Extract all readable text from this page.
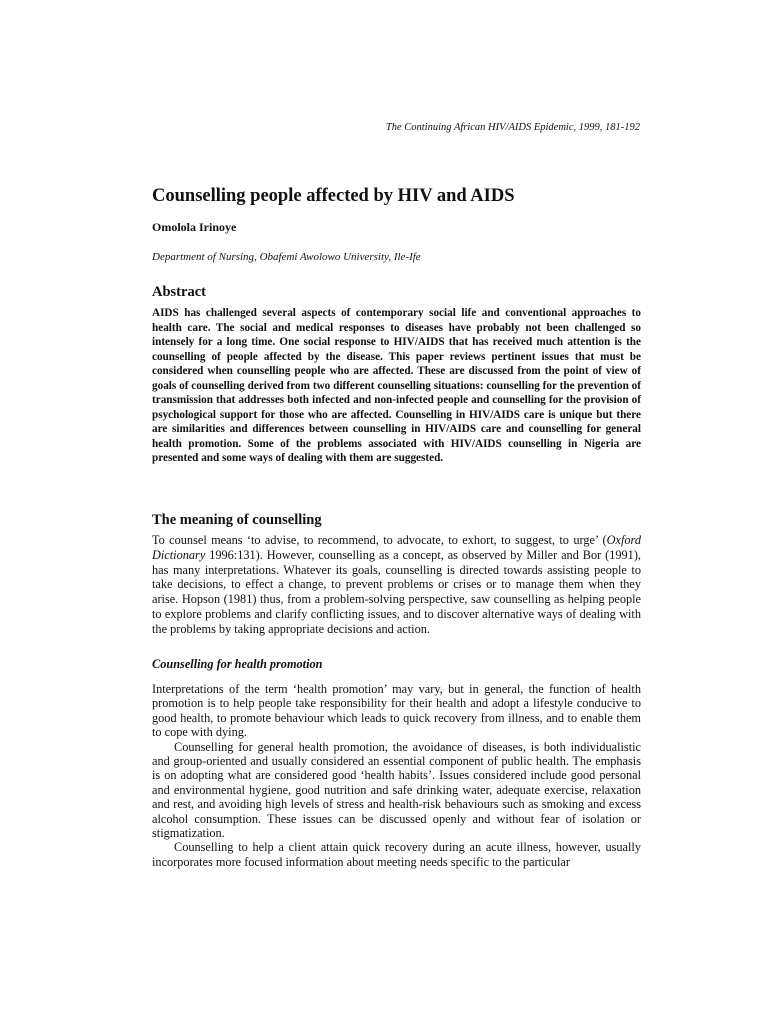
The Continuing African HIV/AIDS Epidemic, 1999, 181-192
Counselling people affected by HIV and AIDS

Omolola Irinoye

Department of Nursing, Obafemi Awolowo University, Ile-Ife

Abstract

AIDS has challenged several aspects of contemporary social life and conventional approaches to health care. The social and medical responses to diseases have probably not been challenged so intensely for a long time. One social response to HIV/AIDS that has received much attention is the counselling of people affected by the disease. This paper reviews pertinent issues that must be considered when counselling people who are affected. These are discussed from the point of view of goals of counselling derived from two different counselling situations: counselling for the prevention of transmission that addresses both infected and non-infected people and counselling for the provision of psychological support for those who are affected. Counselling in HIV/AIDS care is unique but there are similarities and differences between counselling in HIV/AIDS care and counselling for general health promotion. Some of the problems associated with HIV/AIDS counselling in Nigeria are presented and some ways of dealing with them are suggested.

The meaning of counselling

To counsel means ‘to advise, to recommend, to advocate, to exhort, to suggest, to urge’ (Oxford Dictionary 1996:131). However, counselling as a concept, as observed by Miller and Bor (1991), has many interpretations. Whatever its goals, counselling is directed towards assisting people to take decisions, to effect a change, to prevent problems or crises or to manage them when they arise. Hopson (1981) thus, from a problem-solving perspective, saw counselling as helping people to explore problems and clarify conflicting issues, and to discover alternative ways of dealing with the problems by taking appropriate decisions and action.

Counselling for health promotion

Interpretations of the term ‘health promotion’ may vary, but in general, the function of health promotion is to help people take responsibility for their health and adopt a lifestyle conducive to good health, to promote behaviour which leads to quick recovery from illness, and to enable them to cope with dying.

Counselling for general health promotion, the avoidance of diseases, is both individualistic and group-oriented and usually considered an essential component of public health. The emphasis is on adopting what are considered good ‘health habits’. Issues considered include good personal and environmental hygiene, good nutrition and safe drinking water, adequate exercise, relaxation and rest, and avoiding high levels of stress and health-risk behaviours such as smoking and excess alcohol consumption. These issues can be discussed openly and without fear of isolation or stigmatization.

Counselling to help a client attain quick recovery during an acute illness, however, usually incorporates more focused information about meeting needs specific to the particular
